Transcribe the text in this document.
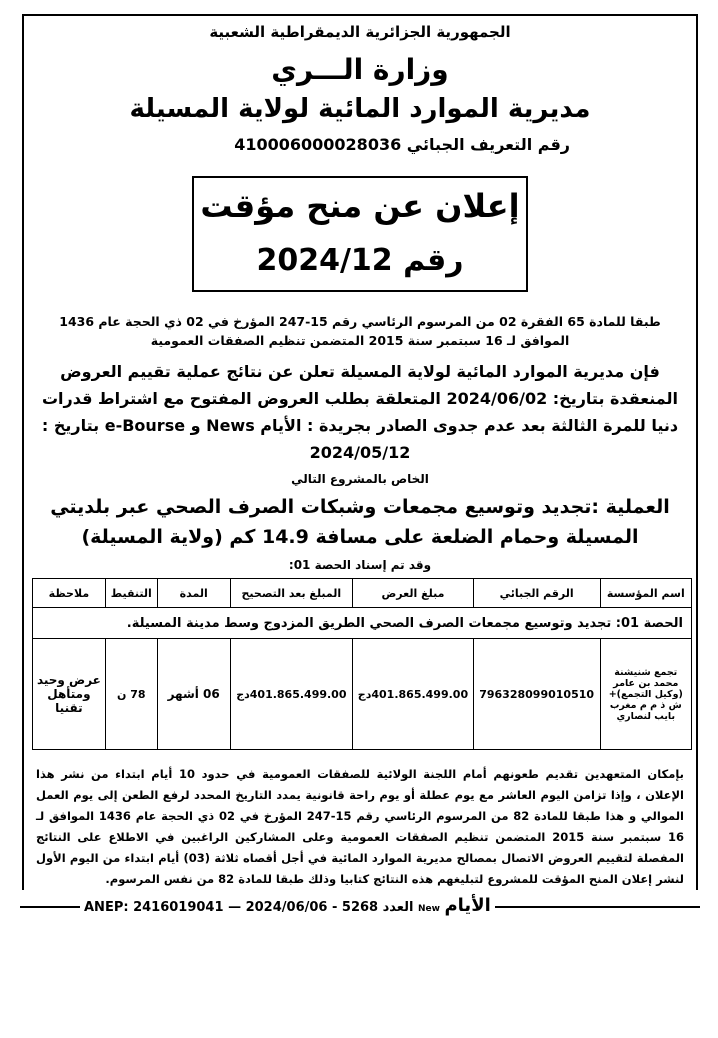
الجمهورية الجزائرية الديمقراطية الشعبية
وزارة الـــري
مديرية الموارد المائية لولاية المسيلة
رقم التعريف الجبائي 410006000028036
إعلان عن منح مؤقت
رقم 2024/12
طبقا للمادة 65 الفقرة 02 من المرسوم الرئاسي رقم 15-247 المؤرخ في 02 ذي الحجة عام 1436 الموافق لـ 16 سبتمبر سنة 2015 المتضمن تنظيم الصفقات العمومية
فإن مديرية الموارد المائية لولاية المسيلة تعلن عن نتائج عملية تقييم العروض المنعقدة بتاريخ: 2024/06/02 المتعلقة بطلب العروض المفتوح مع اشتراط قدرات دنيا للمرة الثالثة بعد عدم جدوى الصادر بجريدة : الأيام News و e-Bourse بتاريخ : 2024/05/12
الخاص بالمشروع التالي
العملية :تجديد وتوسيع مجمعات وشبكات الصرف الصحي عبر بلديتي المسيلة وحمام الضلعة على مسافة 14.9 كم (ولاية المسيلة)
وقد تم إسناد الحصة 01:
اسم المؤسسة	الرقم الجبائي	مبلغ العرض	المبلغ بعد التصحيح	المدة	التنقيط	ملاحظة
الحصة 01: تجديد وتوسيع مجمعات الصرف الصحي الطريق المزدوج وسط مدينة المسيلة.						
تجمع شنيشنة محمد بن عامر (وكيل التجمع)+ ش ذ م م مغرب بايب لنصاري	796328099010510	401.865.499.00دج	401.865.499.00دج	06 أشهر	78 ن	عرض وحيد ومتأهل تقنيا
بإمكان المتعهدين تقديم طعونهم أمام اللجنة الولائية للصفقات العمومية في حدود 10 أيام ابتداء من نشر هذا الإعلان ، وإذا تزامن اليوم العاشر مع يوم عطلة أو يوم راحة قانونية يمدد التاريخ المحدد لرفع الطعن إلى يوم العمل الموالي و هذا طبقا للمادة 82 من المرسوم الرئاسي رقم 15-247 المؤرخ في 02 ذي الحجة عام 1436 الموافق لـ 16 سبتمبر سنة 2015 المتضمن تنظيم الصفقات العمومية وعلى المشاركين الراغبين في الاطلاع على النتائج المفصلة لتقييم العروض الاتصال بمصالح مديرية الموارد المائية في أجل أقصاه ثلاثة (03) أيام ابتداء من اليوم الأول لنشر إعلان المنح المؤقت للمشروع لتبليغهم هذه النتائج كتابيا وذلك طبقا للمادة 82 من نفس المرسوم.
ANEP: 2416019041 — 2024/06/06 - 5268 العدد New الأيام
